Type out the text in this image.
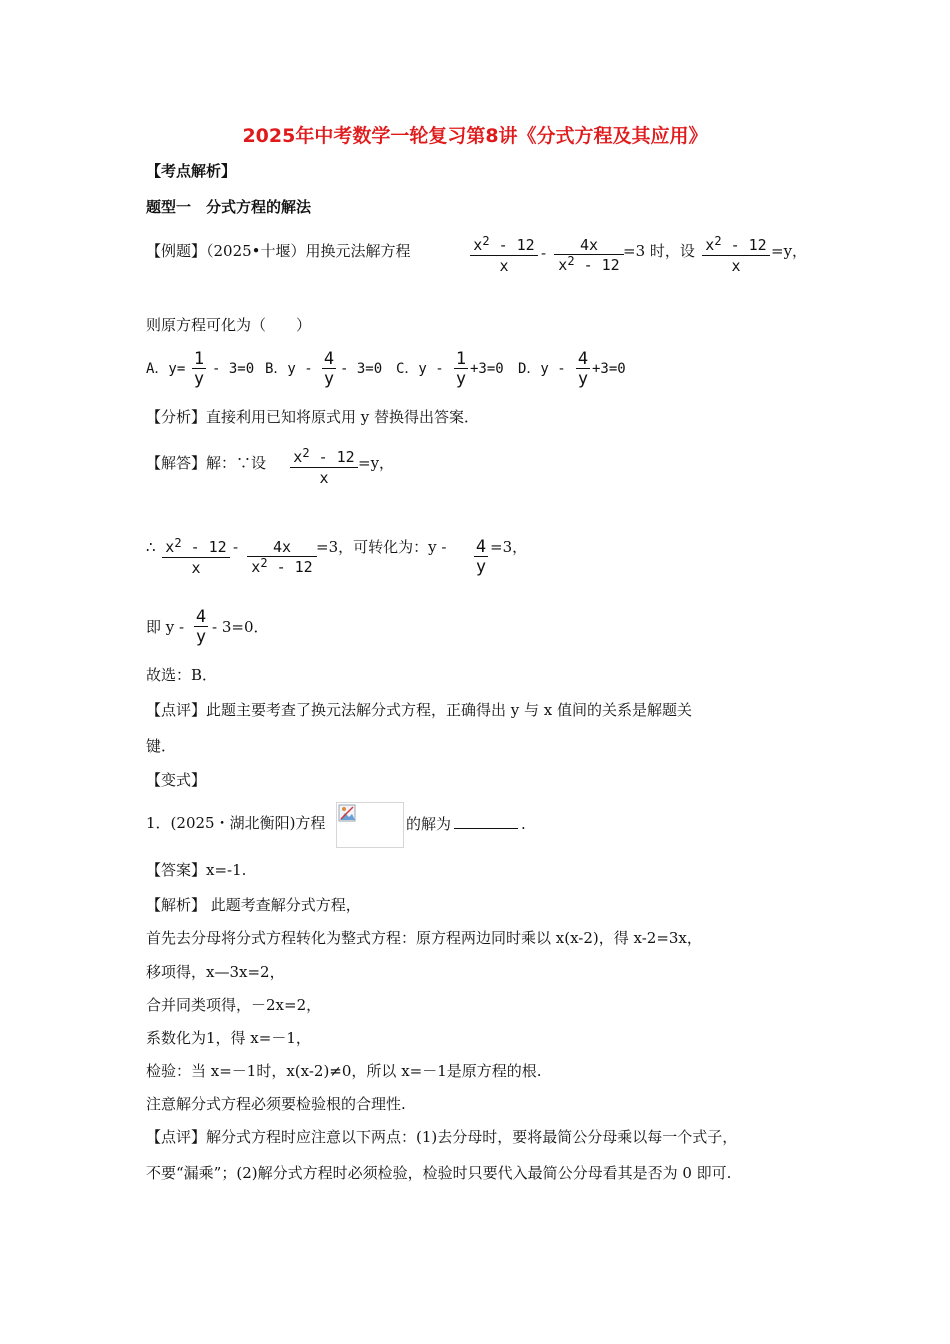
2025年中考数学一轮复习第8讲《分式方程及其应用》
【考点解析】
题型一　分式方程的解法
【例题】（2025•十堰）用换元法解方程	$x^2 - 12$
x
- 4x
$x^2 - 12$
=3 时，设 $x^2 - 12$
x
=y，
则原方程可化为（　　）
A．y= 1
y - 3=0 B．y - 4
y - 3=0 C．y - 1
y +3=0 D．y - 4
y +3=0
【分析】直接利用已知将原式用 y 替换得出答案．
【解答】解：∵设 $x^2 - 12$
x
=y，
∴ $x^2 - 12$
x
- 4x
$x^2 - 12$
=3，可转化为：y - 4
y
=3，
即 y - 4
y - 3=0．
故选：B．
【点评】此题主要考查了换元法解分式方程，正确得出 y 与 x 值间的关系是解题关
键．
【变式】
1．(2025・湖北衡阳)方程	的解为	.
【答案】x=-1.
【解析】 此题考查解分式方程，
首先去分母将分式方程转化为整式方程：原方程两边同时乘以 x(x-2)，得 x-2=3x，
移项得，x—3x=2，
合并同类项得，－2x=2，
系数化为1，得 x=－1，
检验：当 x=－1时，x(x-2)≠0，所以 x=－1是原方程的根.
注意解分式方程必须要检验根的合理性.
【点评】解分式方程时应注意以下两点：(1)去分母时，要将最简公分母乘以每一个式子，
不要“漏乘”；(2)解分式方程时必须检验，检验时只要代入最简公分母看其是否为 0 即可.
